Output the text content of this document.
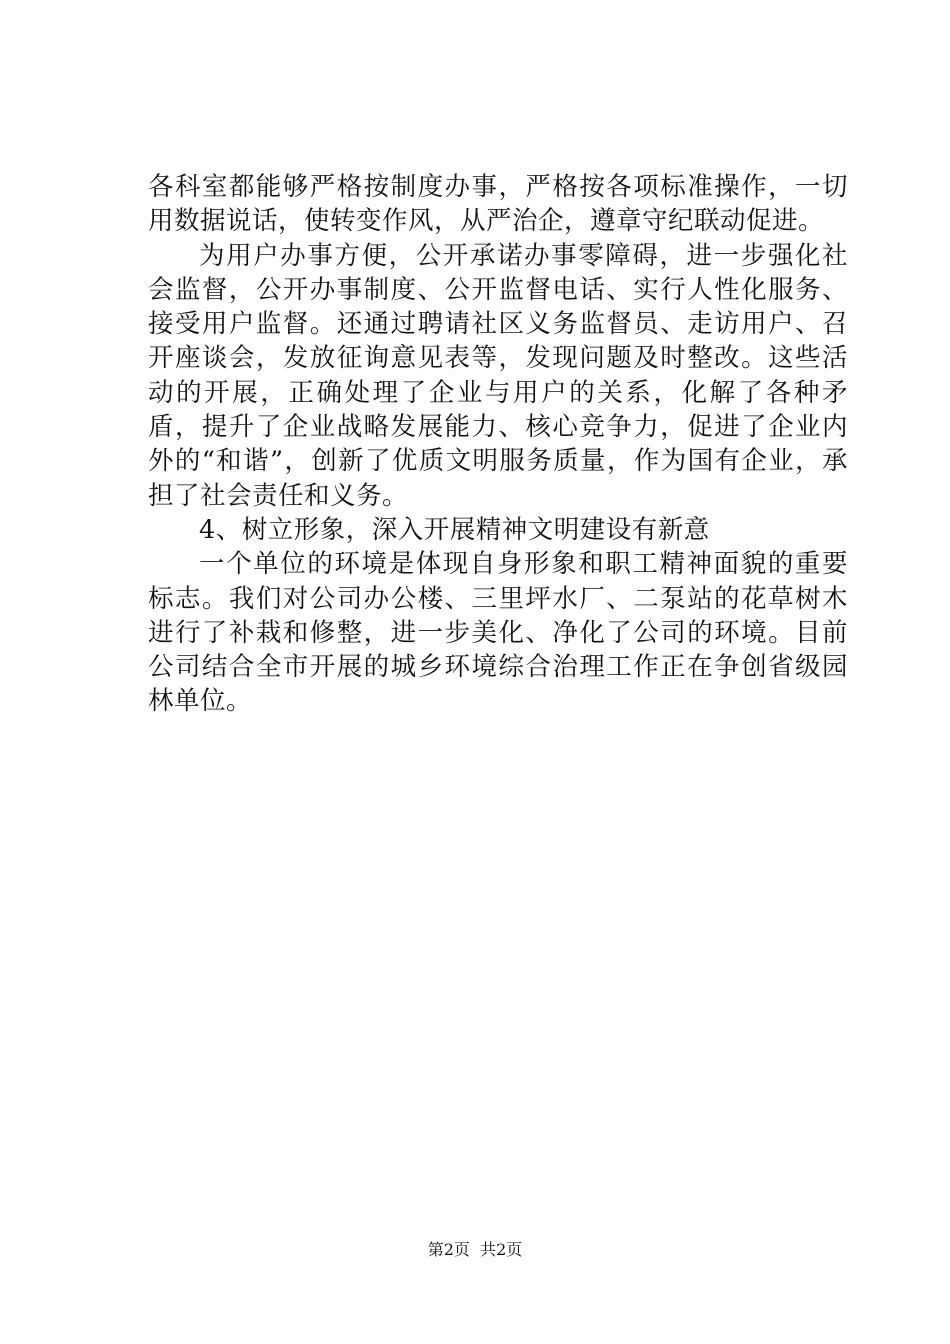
各科室都能够严格按制度办事，严格按各项标准操作，一切用数据说话，使转变作风，从严治企，遵章守纪联动促进。

为用户办事方便，公开承诺办事零障碍，进一步强化社会监督，公开办事制度、公开监督电话、实行人性化服务、接受用户监督。还通过聘请社区义务监督员、走访用户、召开座谈会，发放征询意见表等，发现问题及时整改。这些活动的开展，正确处理了企业与用户的关系，化解了各种矛盾，提升了企业战略发展能力、核心竞争力，促进了企业内外的“和谐”，创新了优质文明服务质量，作为国有企业，承担了社会责任和义务。

4、树立形象，深入开展精神文明建设有新意

一个单位的环境是体现自身形象和职工精神面貌的重要标志。我们对公司办公楼、三里坪水厂、二泵站的花草树木进行了补栽和修整，进一步美化、净化了公司的环境。目前公司结合全市开展的城乡环境综合治理工作正在争创省级园林单位。

第2页  共2页
